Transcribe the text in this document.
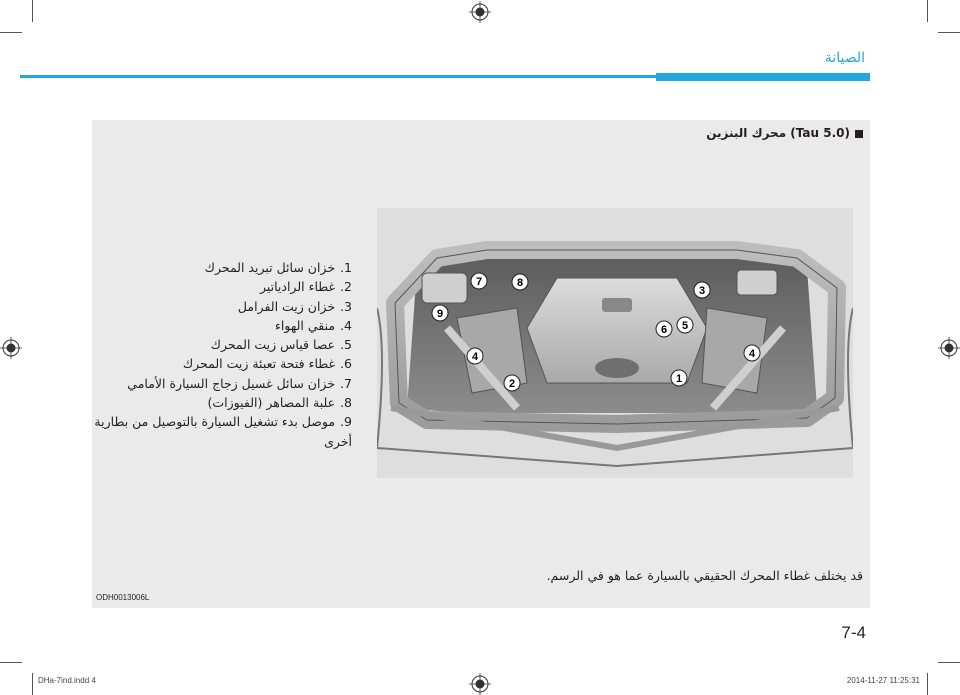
الصيانة
(Tau 5.0) محرك البنزين
1.خزان سائل تبريد المحرك
2.غطاء الرادياتير
3.خزان زيت الفرامل
4.منقي الهواء
5.عصا قياس زيت المحرك
6.غطاء فتحة تعبئة زيت المحرك
7.خزان سائل غسيل زجاج السيارة الأمامي
8.علبة المصاهر (الفيوزات)
9.موصل بدء تشغيل السيارة بالتوصيل من بطارية أخرى
1
2
3
4	4
5
6
7	8
9
قد يختلف غطاء المحرك الحقيقي بالسيارة عما هو في الرسم.
ODH0013006L
7-4
DHa-7ind.indd 4	2014-11-27 11:25:31
